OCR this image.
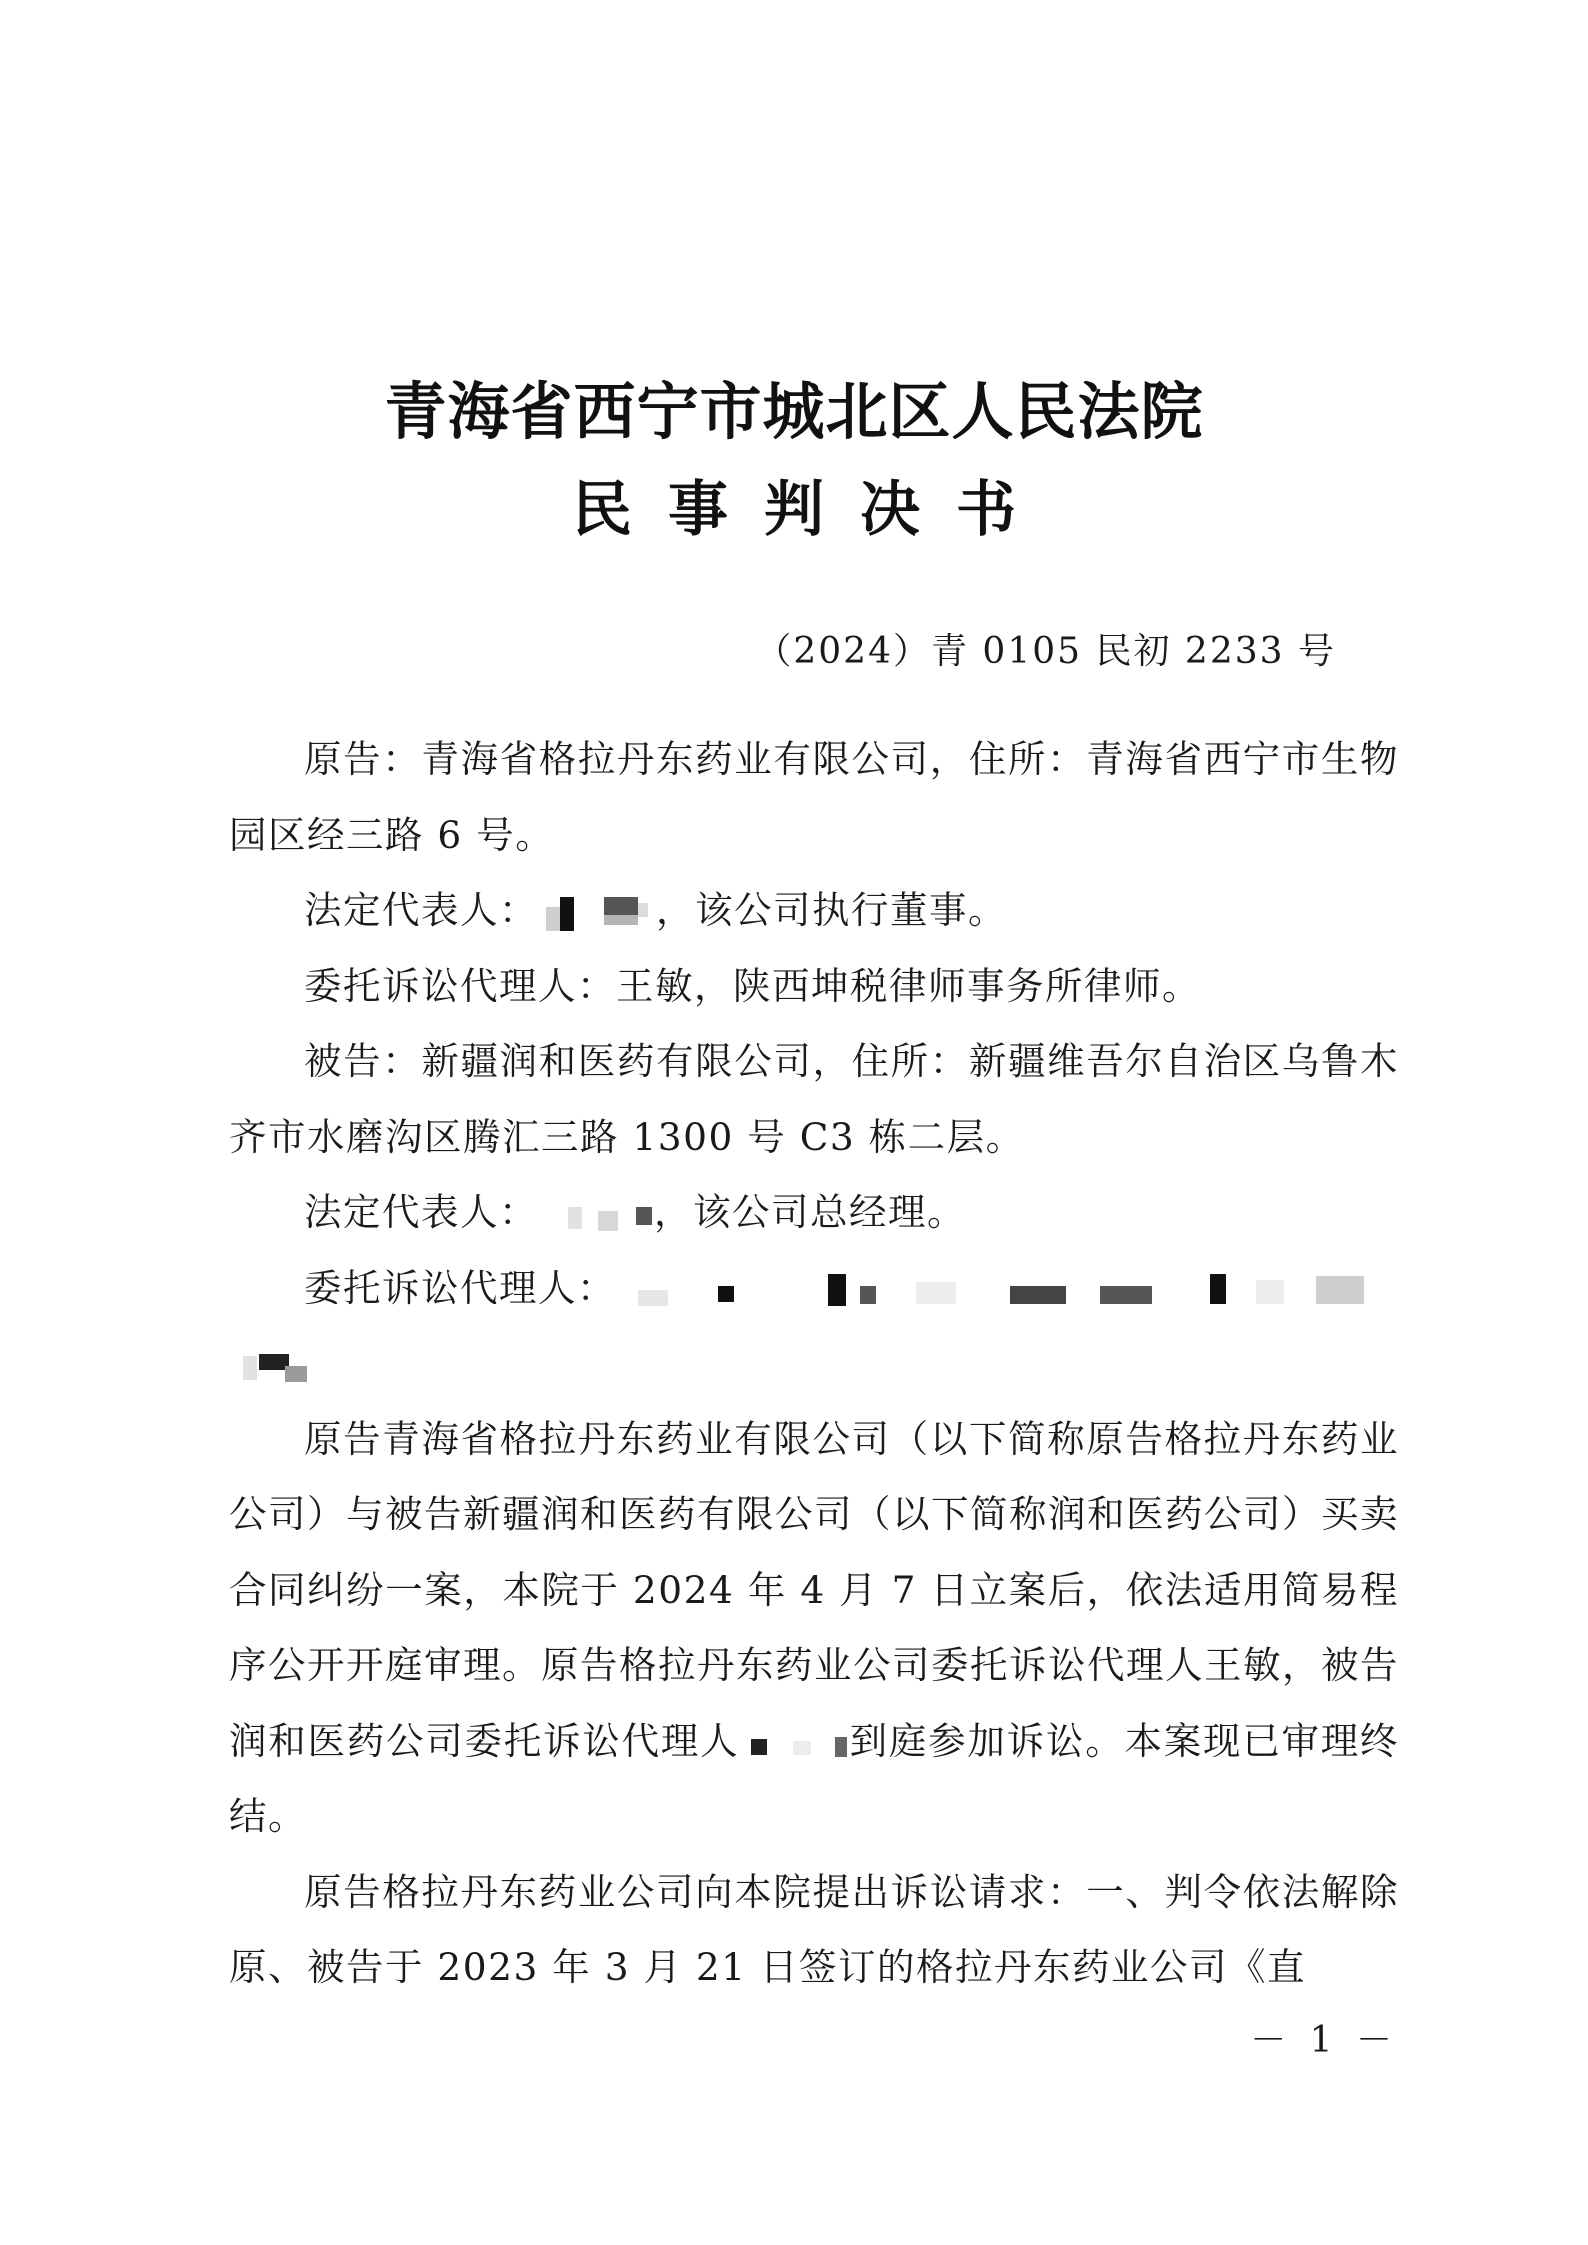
青海省西宁市城北区人民法院
民事判决书
（2024）青 0105 民初 2233 号

原告：青海省格拉丹东药业有限公司，住所：青海省西宁市生物园区经三路 6 号。

法定代表人：	，该公司执行董事。

委托诉讼代理人：王敏，陕西坤税律师事务所律师。

被告：新疆润和医药有限公司，住所：新疆维吾尔自治区乌鲁木齐市水磨沟区腾汇三路 1300 号 C3 栋二层。

法定代表人：	，该公司总经理。

委托诉讼代理人：

原告青海省格拉丹东药业有限公司（以下简称原告格拉丹东药业公司）与被告新疆润和医药有限公司（以下简称润和医药公司）买卖合同纠纷一案，本院于 2024 年 4 月 7 日立案后，依法适用简易程序公开开庭审理。原告格拉丹东药业公司委托诉讼代理人王敏，被告润和医药公司委托诉讼代理人	到庭参加诉讼。本案现已审理终结。

原告格拉丹东药业公司向本院提出诉讼请求：一、判令依法解除原、被告于 2023 年 3 月 21 日签订的格拉丹东药业公司《直

－ 1 －
